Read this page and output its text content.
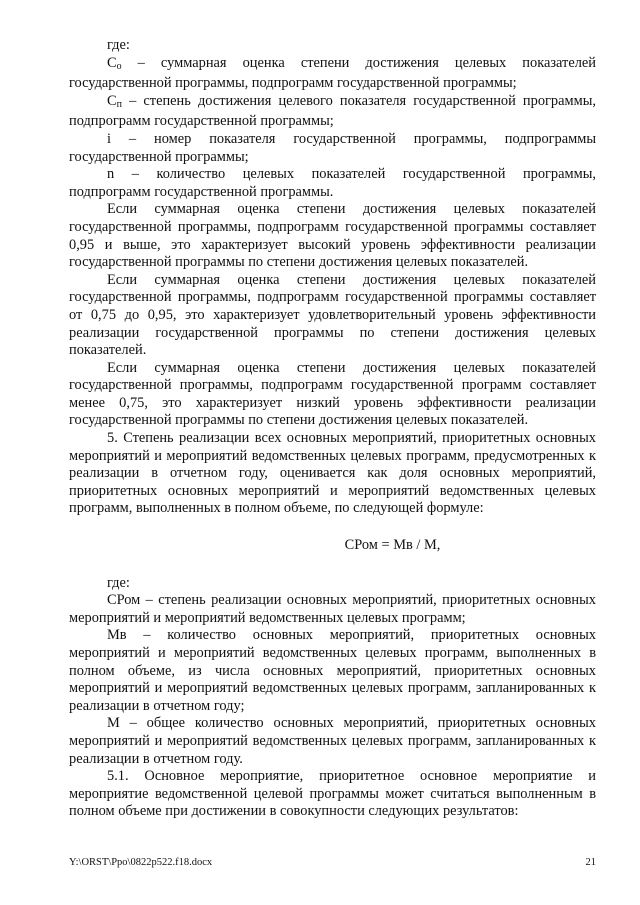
где:

$C_o$ – суммарная оценка степени достижения целевых показателей государственной программы, подпрограмм государственной программы;

$C_п$ – степень достижения целевого показателя государственной программы, подпрограмм государственной программы;

i – номер показателя государственной программы, подпрограммы государственной программы;

n – количество целевых показателей государственной программы, подпрограмм государственной программы.

Если суммарная оценка степени достижения целевых показателей государственной программы, подпрограмм государственной программы составляет 0,95 и выше, это характеризует высокий уровень эффективности реализации государственной программы по степени достижения целевых показателей.

Если суммарная оценка степени достижения целевых показателей государственной программы, подпрограмм государственной программы составляет от 0,75 до 0,95, это характеризует удовлетворительный уровень эффективности реализации государственной программы по степени достижения целевых показателей.

Если суммарная оценка степени достижения целевых показателей государственной программы, подпрограмм государственной программ составляет менее 0,75, это характеризует низкий уровень эффективности реализации государственной программы по степени достижения целевых показателей.

5. Степень реализации всех основных мероприятий, приоритетных основных мероприятий и мероприятий ведомственных целевых программ, предусмотренных к реализации в отчетном году, оценивается как доля основных мероприятий, приоритетных основных мероприятий и мероприятий ведомственных целевых программ, выполненных в полном объеме, по следующей формуле:

СРом = Мв / М,

где:

СРом – степень реализации основных мероприятий, приоритетных основных мероприятий и мероприятий ведомственных целевых программ;

Мв – количество основных мероприятий, приоритетных основных мероприятий и мероприятий ведомственных целевых программ, выполненных в полном объеме, из числа основных мероприятий, приоритетных основных мероприятий и мероприятий ведомственных целевых программ, запланированных к реализации в отчетном году;

М – общее количество основных мероприятий, приоритетных основных мероприятий и мероприятий ведомственных целевых программ, запланированных к реализации в отчетном году.

5.1. Основное мероприятие, приоритетное основное мероприятие и мероприятие ведомственной целевой программы может считаться выполненным в полном объеме при достижении в совокупности следующих результатов:

Y:\ORST\Ppo\0822p522.f18.docx	21
